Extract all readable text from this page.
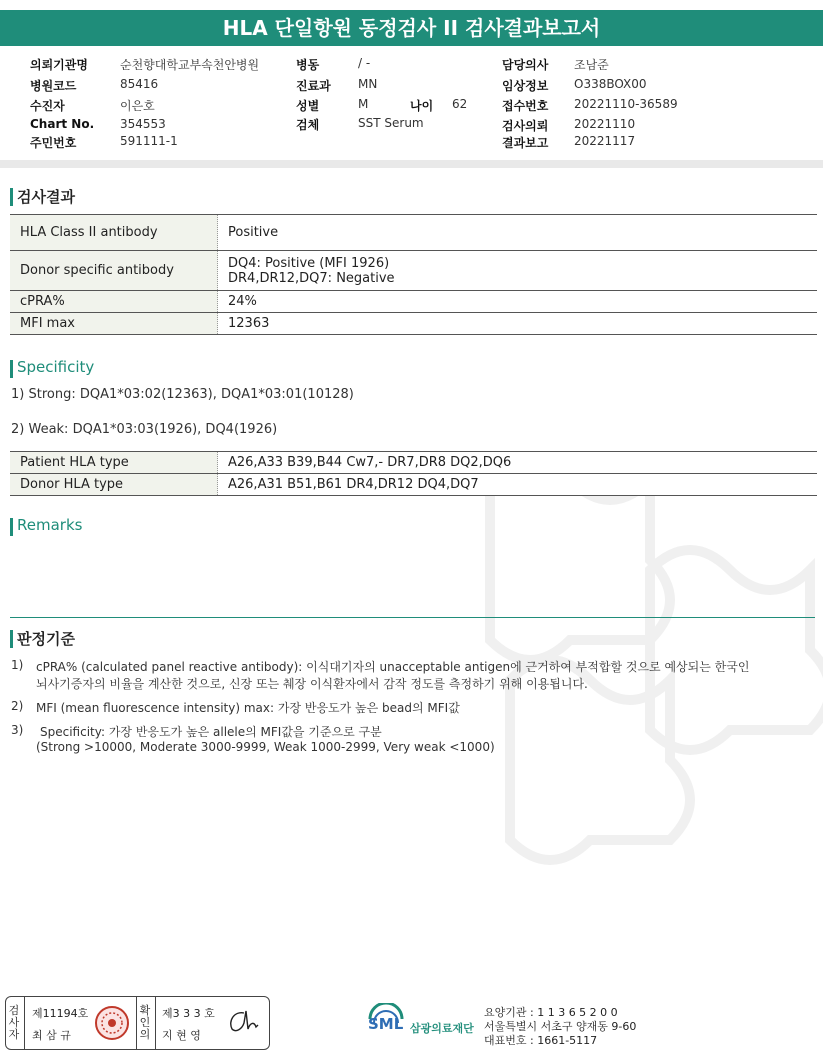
HLA 단일항원 동정검사 II 검사결과보고서
의뢰기관명	순천향대학교부속천안병원
병원코드	85416
수진자	이은호
Chart No. 354553
주민번호	591111-1
병동	/ -
진료과 MN
성별	M	나이 62
검체	SST Serum
담당의사 조남준
임상정보 O338BOX00
접수번호 20221110-36589
검사의뢰 20221110
결과보고 20221117
검사결과
HLA Class II antibody	Positive
Donor specific antibody	DQ4: Positive (MFI 1926)
DR4,DR12,DQ7: Negative

cPRA%	24%
MFI max	12363
Specificity
1) Strong: DQA1*03:02(12363), DQA1*03:01(10128)
2) Weak: DQA1*03:03(1926), DQ4(1926)
Patient HLA type	A26,A33 B39,B44 Cw7,- DR7,DR8 DQ2,DQ6
Donor HLA type	A26,A31 B51,B61 DR4,DR12 DQ4,DQ7
Remarks
판정기준
1) cPRA% (calculated panel reactive antibody): 이식대기자의 unacceptable antigen에 근거하여 부적합할 것으로 예상되는 한국인
뇌사기증자의 비율을 계산한 것으로, 신장 또는 췌장 이식환자에서 감작 정도를 측정하기 위해 이용됩니다.
2) MFI (mean fluorescence intensity) max: 가장 반응도가 높은 bead의 MFI값
3) Specificity: 가장 반응도가 높은 allele의 MFI값을 기준으로 구분
(Strong >10000, Moderate 3000-9999, Weak 1000-2999, Very weak <1000)
검사자
제11194호
최 삼 규
확인의
제3 3 3 호
지 현 영
SML 삼광의료재단
요양기관 : 1 1 3 6 5 2 0 0
서울특별시 서초구 양재동 9-60
대표번호 : 1661-5117
